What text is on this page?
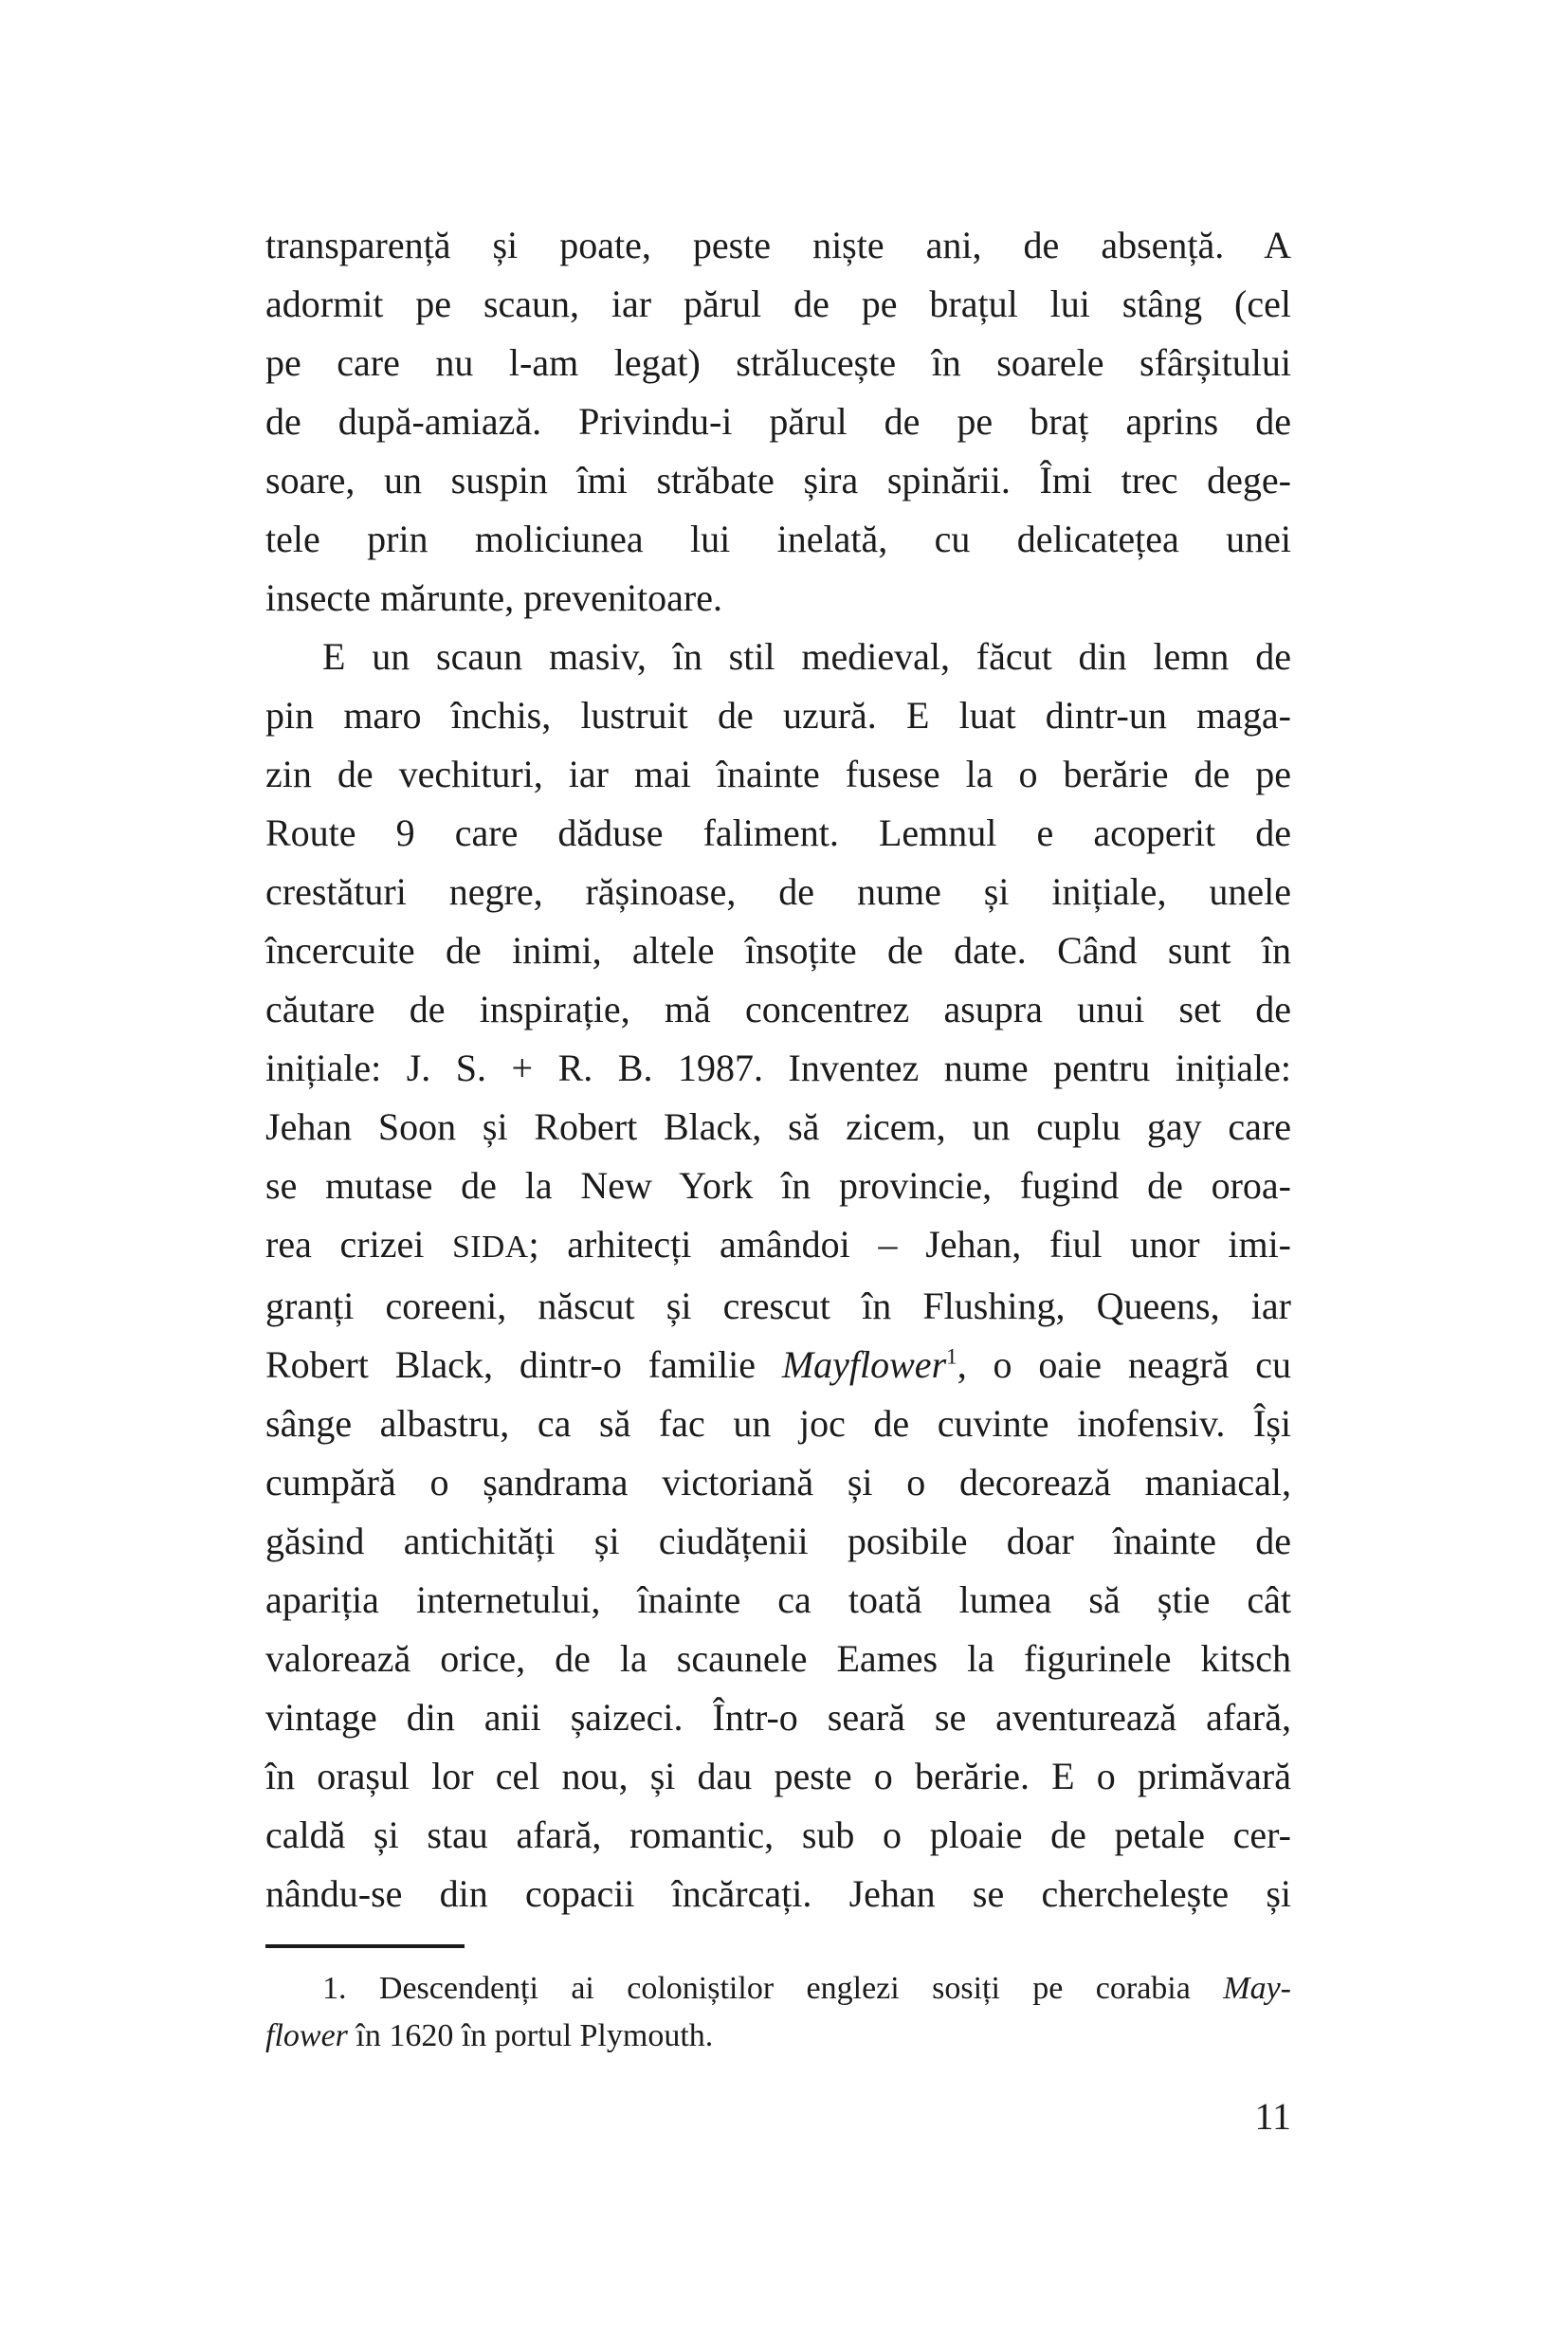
transparență și poate, peste niște ani, de absență. A
adormit pe scaun, iar părul de pe brațul lui stâng (cel
pe care nu l-am legat) strălucește în soarele sfârșitului
de după-amiază. Privindu-i părul de pe braț aprins de
soare, un suspin îmi străbate șira spinării. Îmi trec dege-
tele prin moliciunea lui inelată, cu delicatețea unei
insecte mărunte, prevenitoare.
E un scaun masiv, în stil medieval, făcut din lemn de
pin maro închis, lustruit de uzură. E luat dintr-un maga-
zin de vechituri, iar mai înainte fusese la o berărie de pe
Route 9 care dăduse faliment. Lemnul e acoperit de
crestături negre, rășinoase, de nume și inițiale, unele
încercuite de inimi, altele însoțite de date. Când sunt în
căutare de inspirație, mă concentrez asupra unui set de
inițiale: J. S. + R. B. 1987. Inventez nume pentru inițiale:
Jehan Soon și Robert Black, să zicem, un cuplu gay care
se mutase de la New York în provincie, fugind de oroa-
rea crizei SIDA; arhitecți amândoi – Jehan, fiul unor imi-
granți coreeni, născut și crescut în Flushing, Queens, iar
Robert Black, dintr-o familie Mayflower$^1$, o oaie neagră cu
sânge albastru, ca să fac un joc de cuvinte inofensiv. Își
cumpără o șandrama victoriană și o decorează maniacal,
găsind antichități și ciudățenii posibile doar înainte de
apariția internetului, înainte ca toată lumea să știe cât
valorează orice, de la scaunele Eames la figurinele kitsch
vintage din anii șaizeci. Într-o seară se aventurează afară,
în orașul lor cel nou, și dau peste o berărie. E o primăvară
caldă și stau afară, romantic, sub o ploaie de petale cer-
nându-se din copacii încărcați. Jehan se cherchelește și
1. Descendenți ai coloniștilor englezi sosiți pe corabia May-
flower în 1620 în portul Plymouth.
11
